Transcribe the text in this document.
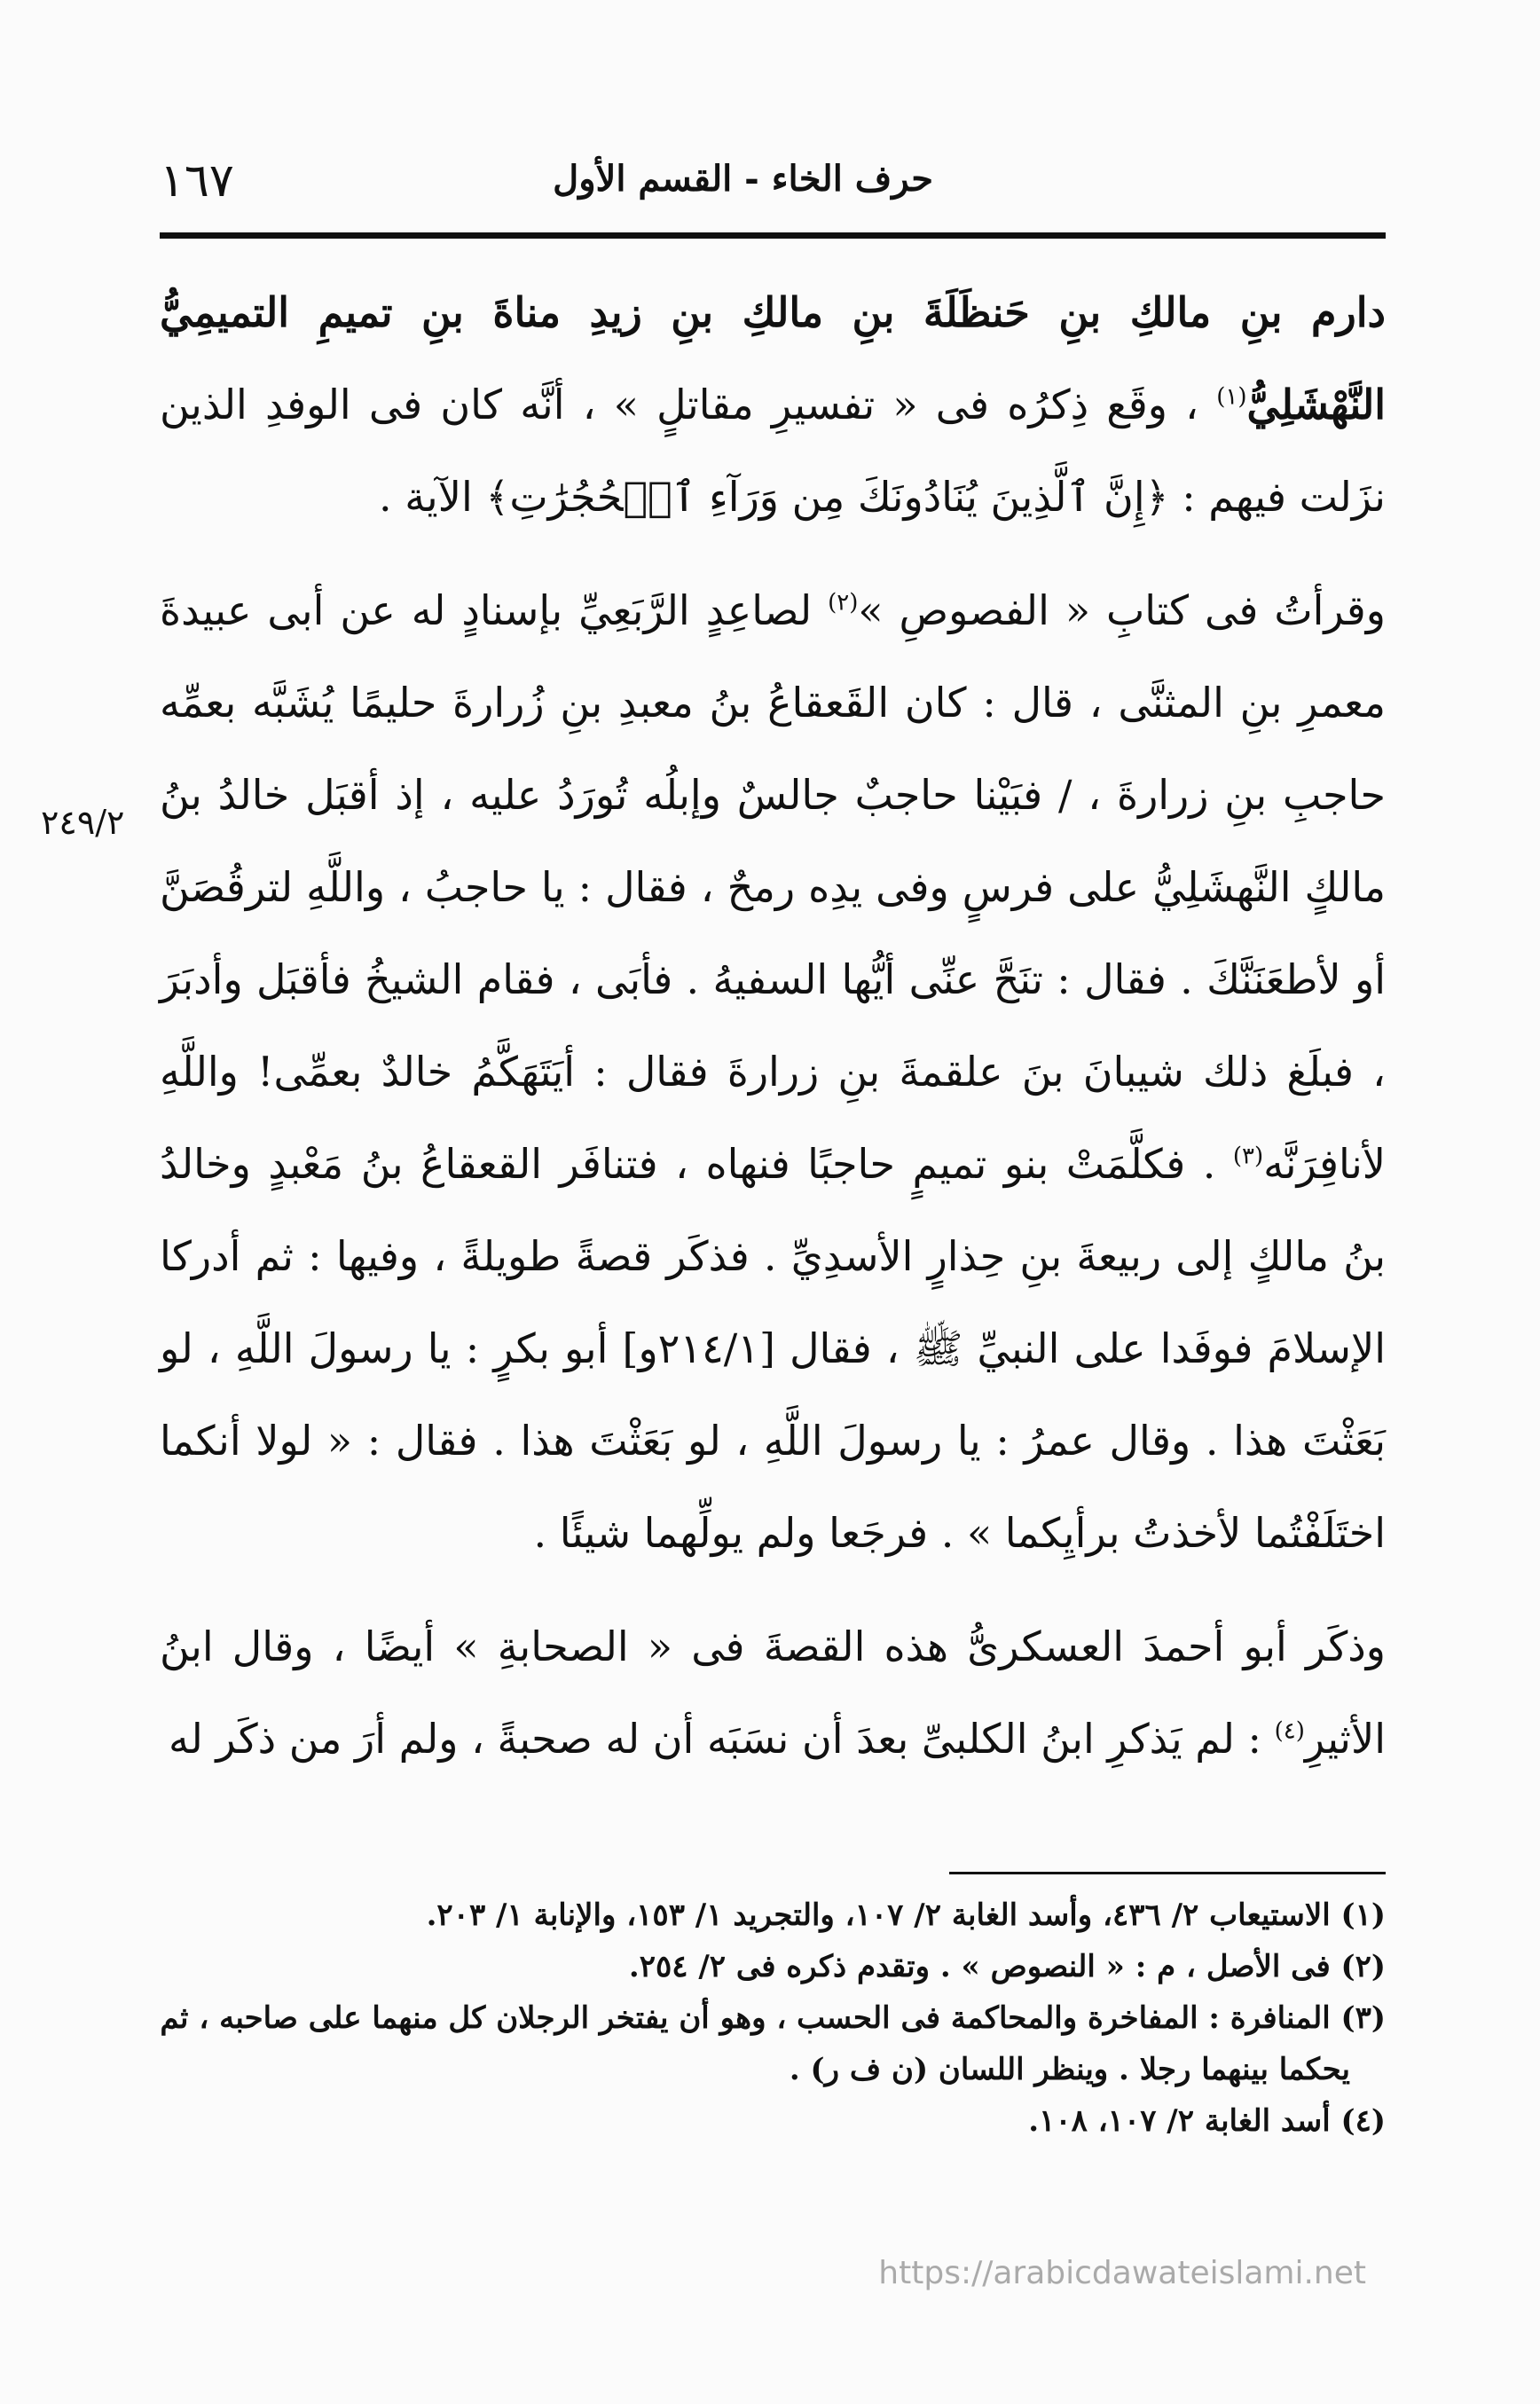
١٦٧	حرف الخاء - القسم الأول
٢٤٩/٢

دارم بنِ مالكِ بنِ حَنظَلَةَ بنِ مالكِ بنِ زيدِ مناةَ بنِ تميمِ التميمِيُّ النَّهْشَلِيُّ$^{(١)}$ ، وقَع ذِكرُه فى « تفسيرِ مقاتلٍ » ، أنَّه كان فى الوفدِ الذين نزَلت فيهم : ﴿إِنَّ ٱلَّذِينَ يُنَادُونَكَ مِن وَرَآءِ ٱلۡحُجُرَٰتِ﴾ الآية .

وقرأتُ فى كتابِ « الفصوصِ »$^{(٢)}$ لصاعِدٍ الرَّبَعِيِّ بإسنادٍ له عن أبى عبيدةَ معمرِ بنِ المثنَّى ، قال : كان القَعقاعُ بنُ معبدِ بنِ زُرارةَ حليمًا يُشَبَّه بعمِّه حاجبِ بنِ زرارةَ ، / فبَيْنا حاجبٌ جالسٌ وإبلُه تُورَدُ عليه ، إذ أقبَل خالدُ بنُ مالكٍ النَّهشَلِيُّ على فرسٍ وفى يدِه رمحٌ ، فقال : يا حاجبُ ، واللَّهِ لترقُصَنَّ أو لأطعَنَنَّكَ . فقال : تنَحَّ عنِّى أيُّها السفيهُ . فأبَى ، فقام الشيخُ فأقبَل وأدبَرَ ، فبلَغ ذلك شيبانَ بنَ علقمةَ بنِ زرارةَ فقال : أيَتَهَكَّمُ خالدٌ بعمِّى! واللَّهِ لأنافِرَنَّه$^{(٣)}$ . فكلَّمَتْ بنو تميمٍ حاجبًا فنهاه ، فتنافَر القعقاعُ بنُ مَعْبدٍ وخالدُ بنُ مالكٍ إلى ربيعةَ بنِ حِذارٍ الأسدِيِّ . فذكَر قصةً طويلةً ، وفيها : ثم أدركا الإسلامَ فوفَدا على النبيِّ ﷺ ، فقال [٢١٤/١و] أبو بكرٍ : يا رسولَ اللَّهِ ، لو بَعَثْتَ هذا . وقال عمرُ : يا رسولَ اللَّهِ ، لو بَعَثْتَ هذا . فقال : « لولا أنكما اختَلَفْتُما لأخذتُ برأيِكما » . فرجَعا ولم يولِّهما شيئًا .

وذكَر أبو أحمدَ العسكرىُّ هذه القصةَ فى « الصحابةِ » أيضًا ، وقال ابنُ الأثيرِ$^{(٤)}$ : لم يَذكرِ ابنُ الكلبىِّ بعدَ أن نسَبَه أن له صحبةً ، ولم أرَ من ذكَر له

(١) الاستيعاب ٢/ ٤٣٦، وأسد الغابة ٢/ ١٠٧، والتجريد ١/ ١٥٣، والإنابة ١/ ٢٠٣.

(٢) فى الأصل ، م : « النصوص » . وتقدم ذكره فى ٢/ ٢٥٤.

(٣) المنافرة : المفاخرة والمحاكمة فى الحسب ، وهو أن يفتخر الرجلان كل منهما على صاحبه ، ثم

يحكما بينهما رجلا . وينظر اللسان (ن ف ر) .

(٤) أسد الغابة ٢/ ١٠٧، ١٠٨.

https://arabicdawateislami.net
